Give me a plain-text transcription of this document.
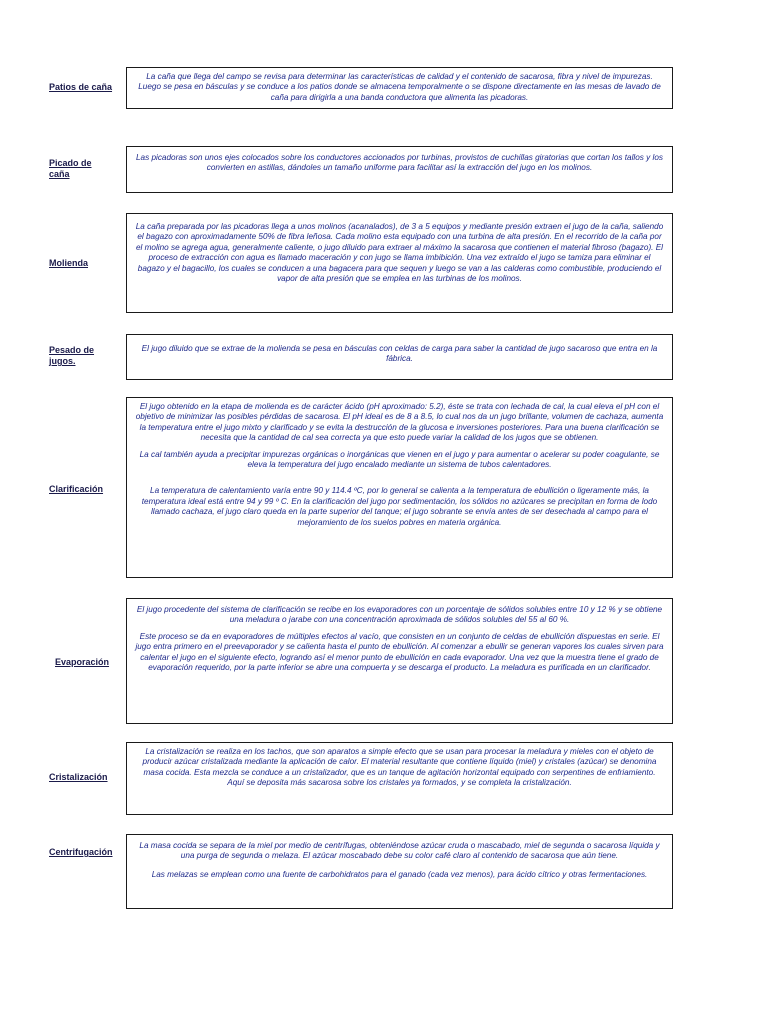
Patios de caña

La caña que llega del campo se revisa para determinar las características de calidad y el contenido de sacarosa, fibra y nivel de impurezas. Luego se pesa en básculas y se conduce a los patios donde se almacena temporalmente o se dispone directamente en las mesas de lavado de caña para dirigirla a una banda conductora que alimenta las picadoras.

Picado de caña

Las picadoras son unos ejes colocados sobre los conductores accionados por turbinas, provistos de cuchillas giratorias que cortan los tallos y los convierten en astillas, dándoles un tamaño uniforme para facilitar así la extracción del jugo en los molinos.

Molienda

La caña preparada por las picadoras llega a unos molinos (acanalados), de 3 a 5 equipos y mediante presión extraen el jugo de la caña, saliendo el bagazo con aproximadamente 50% de fibra leñosa. Cada molino esta equipado con una turbina de alta presión. En el recorrido de la caña por el molino se agrega agua, generalmente caliente, o jugo diluido para extraer al máximo la sacarosa que contienen el material fibroso (bagazo). El proceso de extracción con agua es llamado maceración y con jugo se llama imbibición. Una vez extraído el jugo se tamiza para eliminar el bagazo y el bagacillo, los cuales se conducen a una bagacera para que sequen y luego se van a las calderas como combustible, produciendo el vapor de alta presión que se emplea en las turbinas de los molinos.

Pesado de jugos.

El jugo diluido que se extrae de la molienda se pesa en básculas con celdas de carga para saber la cantidad de jugo sacaroso que entra en la fábrica.

Clarificación

El jugo obtenido en la etapa de molienda es de carácter ácido (pH aproximado: 5.2), éste se trata con lechada de cal, la cual eleva el pH con el objetivo de minimizar las posibles pérdidas de sacarosa. El pH ideal es de 8 a 8.5, lo cual nos da un jugo brillante, volumen de cachaza, aumenta la temperatura entre el jugo mixto y clarificado y se evita la destrucción de la glucosa e inversiones posteriores. Para una buena clarificación se necesita que la cantidad de cal sea correcta ya que esto puede variar la calidad de los jugos que se obtienen.

La cal también ayuda a precipitar impurezas orgánicas o inorgánicas que vienen en el jugo y para aumentar o acelerar su poder coagulante, se eleva la temperatura del jugo encalado mediante un sistema de tubos calentadores.

La temperatura de calentamiento varía entre 90 y 114.4 ºC, por lo general se calienta a la temperatura de ebullición o ligeramente más, la temperatura ideal está entre 94 y 99 º C. En la clarificación del jugo por sedimentación, los sólidos no azúcares se precipitan en forma de lodo llamado cachaza, el jugo claro queda en la parte superior del tanque; el jugo sobrante se envía antes de ser desechada al campo para el mejoramiento de los suelos pobres en materia orgánica.

Evaporación

El jugo procedente del sistema de clarificación se recibe en los evaporadores con un porcentaje de sólidos solubles entre 10 y 12 % y se obtiene una meladura o jarabe con una concentración aproximada de sólidos solubles del 55 al 60 %.

Este proceso se da en evaporadores de múltiples efectos al vacío, que consisten en un conjunto de celdas de ebullición dispuestas en serie. El jugo entra primero en el preevaporador y se calienta hasta el punto de ebullición. Al comenzar a ebullir se generan vapores los cuales sirven para calentar el jugo en el siguiente efecto, logrando así el menor punto de ebullición en cada evaporador. Una vez que la muestra tiene el grado de evaporación requerido, por la parte inferior se abre una compuerta y se descarga el producto. La meladura es purificada en un clarificador.

Cristalización

La cristalización se realiza en los tachos, que son aparatos a simple efecto que se usan para procesar la meladura y mieles con el objeto de producir azúcar cristalizada mediante la aplicación de calor. El material resultante que contiene líquido (miel) y cristales (azúcar) se denomina masa cocida. Esta mezcla se conduce a un cristalizador, que es un tanque de agitación horizontal equipado con serpentines de enfriamiento. Aquí se deposita más sacarosa sobre los cristales ya formados, y se completa la cristalización.

Centrifugación

La masa cocida se separa de la miel por medio de centrífugas, obteniéndose azúcar cruda o mascabado, miel de segunda o sacarosa líquida y una purga de segunda o melaza. El azúcar moscabado debe su color café claro al contenido de sacarosa que aún tiene.

Las melazas se emplean como una fuente de carbohidratos para el ganado (cada vez menos), para ácido cítrico y otras fermentaciones.
